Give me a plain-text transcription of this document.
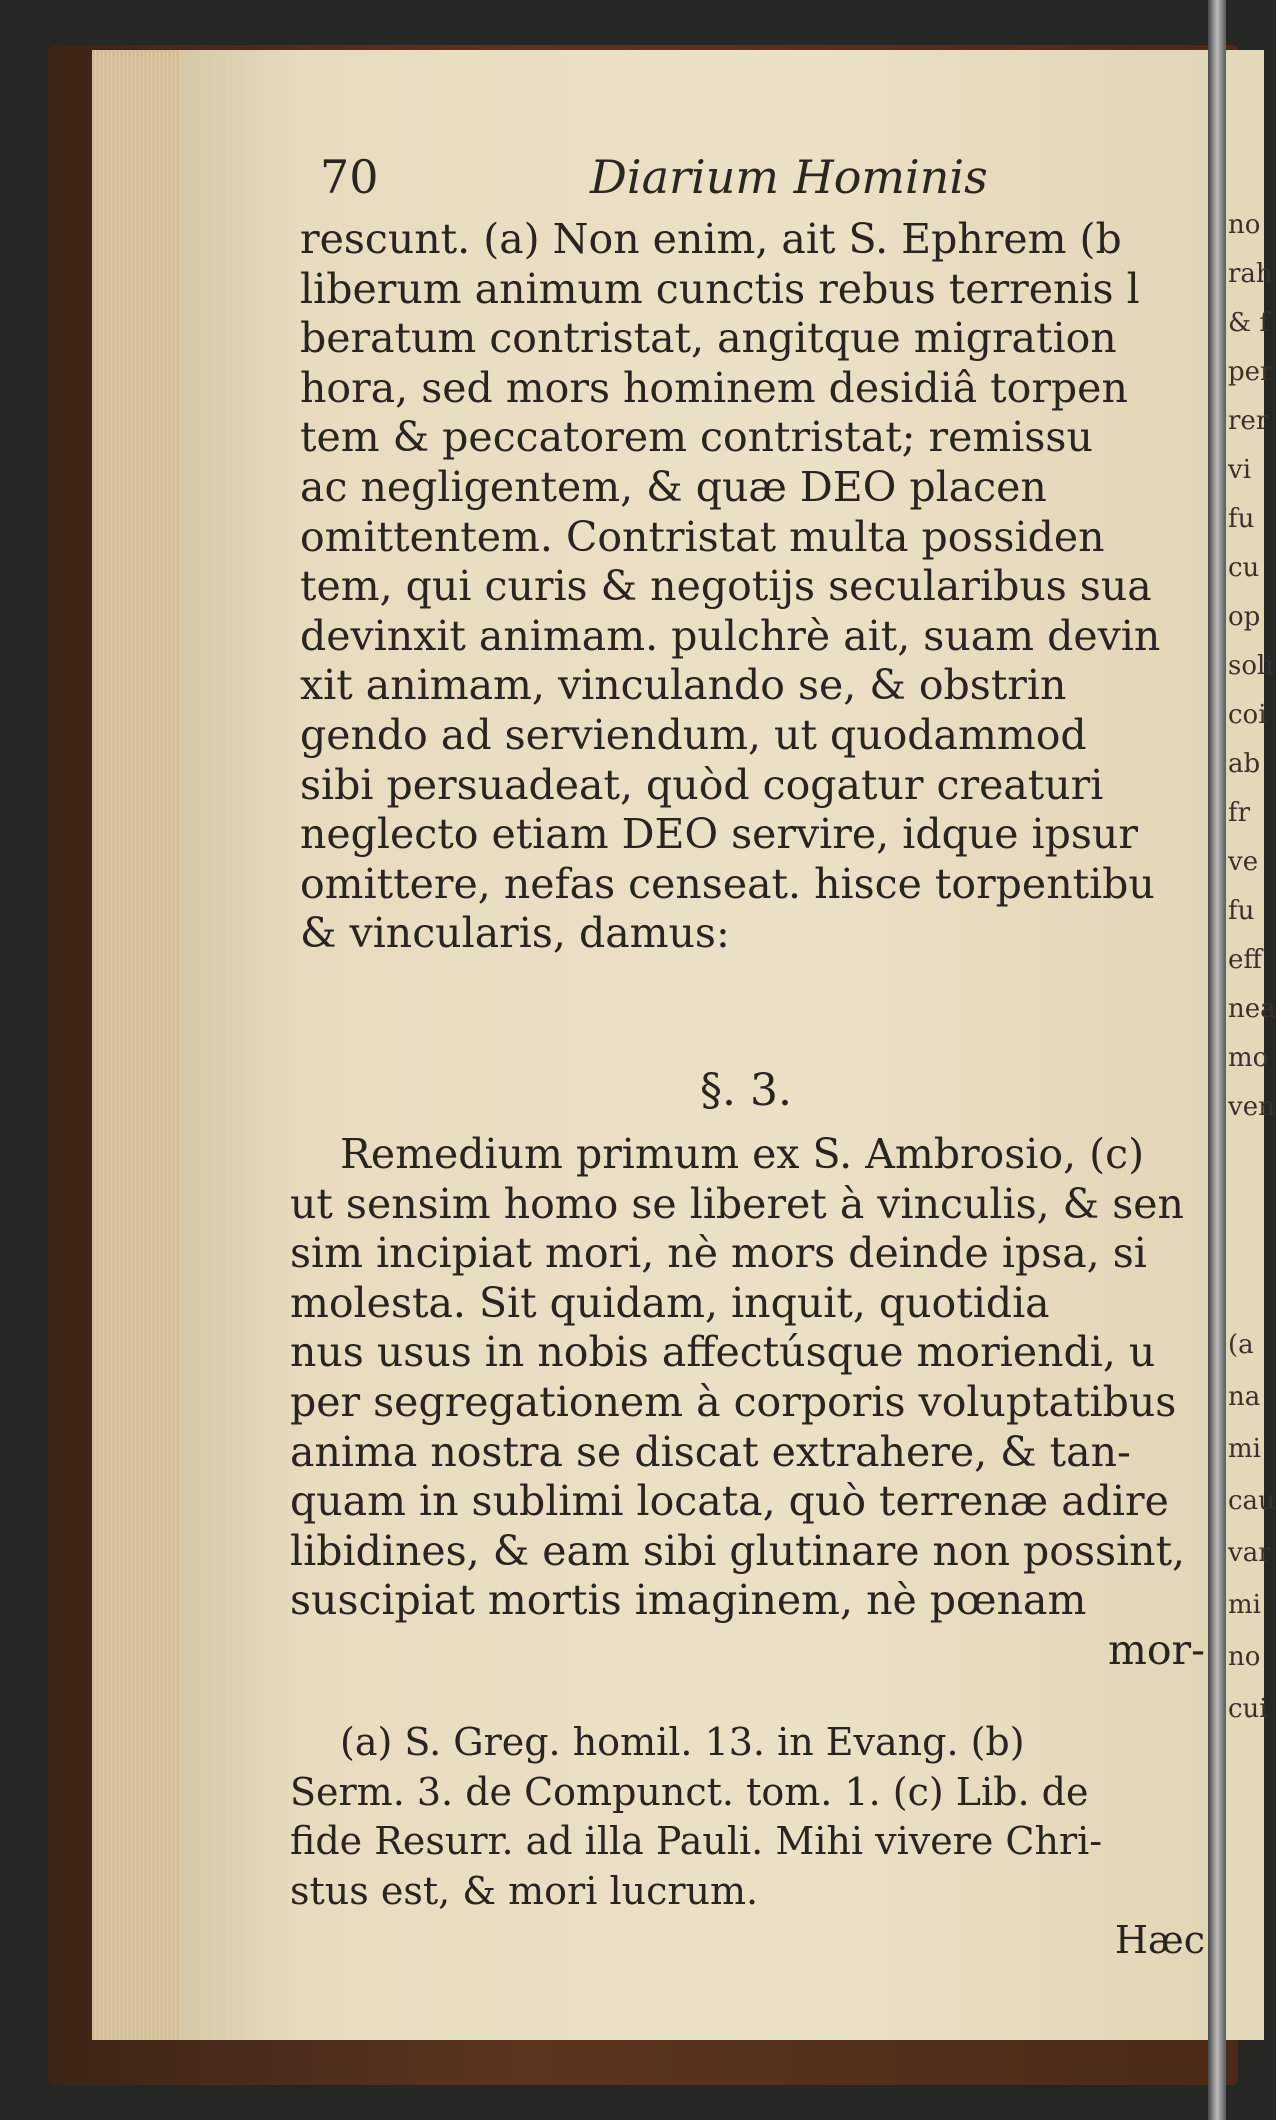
70	Diarium Hominis
rescunt. (a) Non enim, ait S. Ephrem (b
liberum animum cunctis rebus terrenis l
beratum contristat, angitque migration
hora, sed mors hominem desidiâ torpen
tem & peccatorem contristat; remissu
ac negligentem, & quæ DEO placen
omittentem. Contristat multa possiden
tem, qui curis & negotijs secularibus sua
devinxit animam. pulchrè ait, suam devin
xit animam, vinculando se, & obstrin
gendo ad serviendum, ut quodammod
sibi persuadeat, quòd cogatur creaturi
neglecto etiam DEO servire, idque ipsur
omittere, nefas censeat. hisce torpentibu
& vincularis, damus:
§. 3.
Remedium primum ex S. Ambrosio, (c)
ut sensim homo se liberet à vinculis, & sen
sim incipiat mori, nè mors deinde ipsa, si
molesta. Sit quidam, inquit, quotidia
nus usus in nobis affectúsque moriendi, u
per segregationem à corporis voluptatibus
anima nostra se discat extrahere, & tan-
quam in sublimi locata, quò terrenæ adire
libidines, & eam sibi glutinare non possint,
suscipiat mortis imaginem, nè pœnam
mor-
(a) S. Greg. homil. 13. in Evang. (b)
Serm. 3. de Compunct. tom. 1. (c) Lib. de
fide Resurr. ad illa Pauli. Mihi vivere Chri-
stus est, & mori lucrum.
Hæc
no
rah
& f
per
rer
vi
fu
cu
op
soli
coi
ab
fr
ve
fu
eff
nea
mo
ven
(a
na
mi
cau
var
mi
no
cui
